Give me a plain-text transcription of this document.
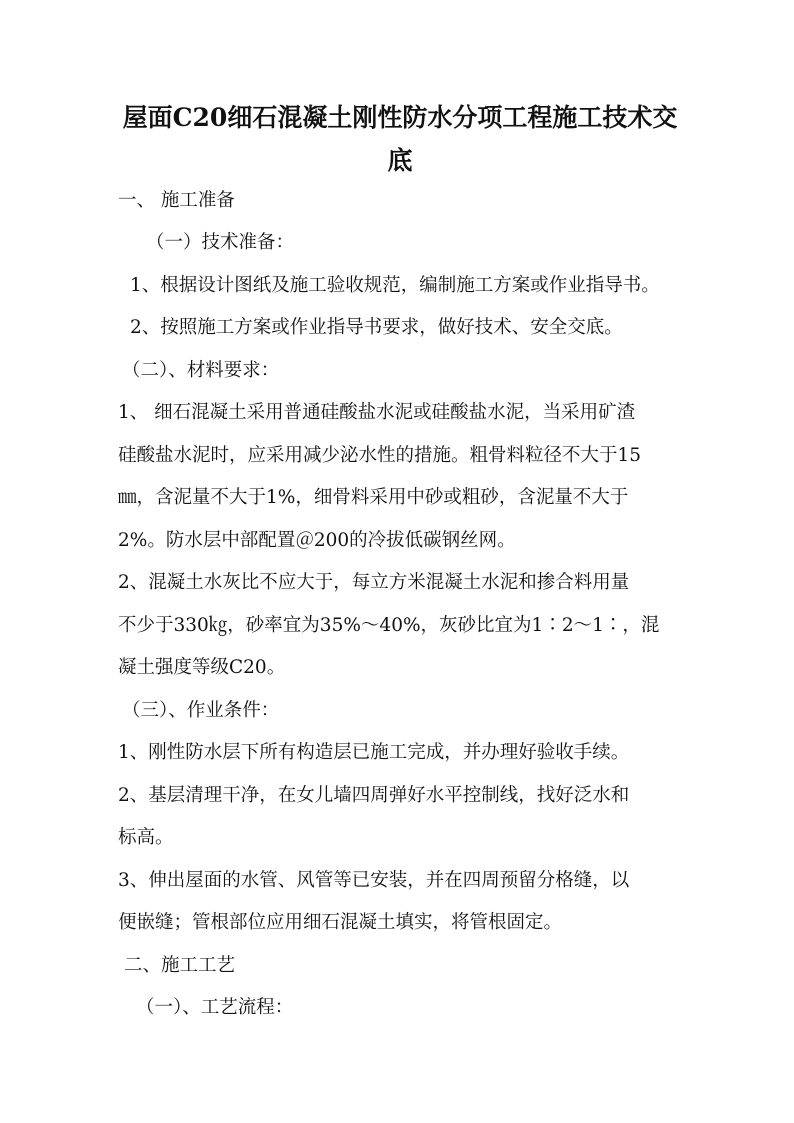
屋面C20细石混凝土刚性防水分项工程施工技术交
底
一、 施工准备
（一）技术准备：
1、根据设计图纸及施工验收规范，编制施工方案或作业指导书。
2、按照施工方案或作业指导书要求，做好技术、安全交底。
（二）、材料要求：
1、 细石混凝土采用普通硅酸盐水泥或硅酸盐水泥，当采用矿渣
硅酸盐水泥时，应采用减少泌水性的措施。粗骨料粒径不大于15
㎜，含泥量不大于1%，细骨料采用中砂或粗砂，含泥量不大于
2%。防水层中部配置＠200的冷拔低碳钢丝网。
2、混凝土水灰比不应大于，每立方米混凝土水泥和掺合料用量
不少于330㎏，砂率宜为35%～40%，灰砂比宜为1∶2～1∶，混
凝土强度等级C20。
（三）、作业条件：
1、刚性防水层下所有构造层已施工完成，并办理好验收手续。
2、基层清理干净，在女儿墙四周弹好水平控制线，找好泛水和
标高。
3、伸出屋面的水管、风管等已安装，并在四周预留分格缝，以
便嵌缝；管根部位应用细石混凝土填实，将管根固定。
二、施工工艺
（一）、工艺流程：
